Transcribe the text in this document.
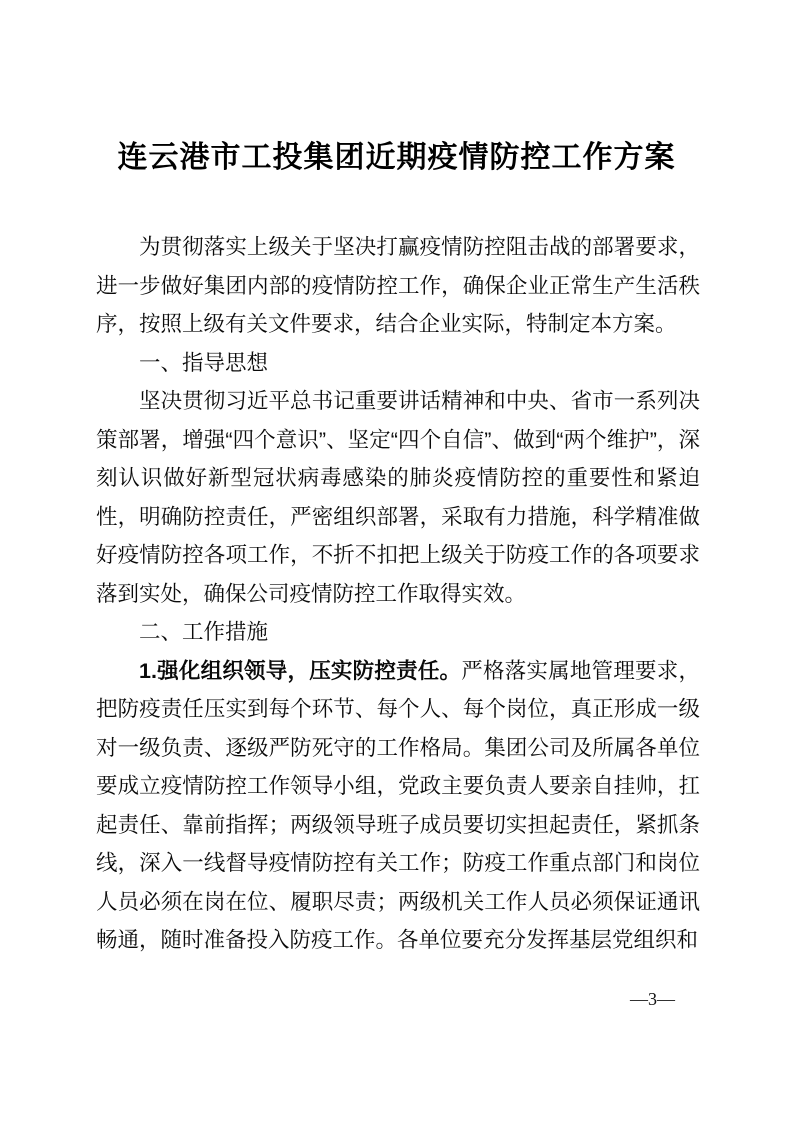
连云港市工投集团近期疫情防控工作方案

为贯彻落实上级关于坚决打赢疫情防控阻击战的部署要求，进一步做好集团内部的疫情防控工作，确保企业正常生产生活秩序，按照上级有关文件要求，结合企业实际，特制定本方案。

一、指导思想

坚决贯彻习近平总书记重要讲话精神和中央、省市一系列决策部署，增强“四个意识”、坚定“四个自信”、做到“两个维护”，深刻认识做好新型冠状病毒感染的肺炎疫情防控的重要性和紧迫性，明确防控责任，严密组织部署，采取有力措施，科学精准做好疫情防控各项工作，不折不扣把上级关于防疫工作的各项要求落到实处，确保公司疫情防控工作取得实效。

二、工作措施

1.强化组织领导，压实防控责任。严格落实属地管理要求，把防疫责任压实到每个环节、每个人、每个岗位，真正形成一级对一级负责、逐级严防死守的工作格局。集团公司及所属各单位要成立疫情防控工作领导小组，党政主要负责人要亲自挂帅，扛起责任、靠前指挥；两级领导班子成员要切实担起责任，紧抓条线，深入一线督导疫情防控有关工作；防疫工作重点部门和岗位人员必须在岗在位、履职尽责；两级机关工作人员必须保证通讯畅通，随时准备投入防疫工作。各单位要充分发挥基层党组织和

—3—
